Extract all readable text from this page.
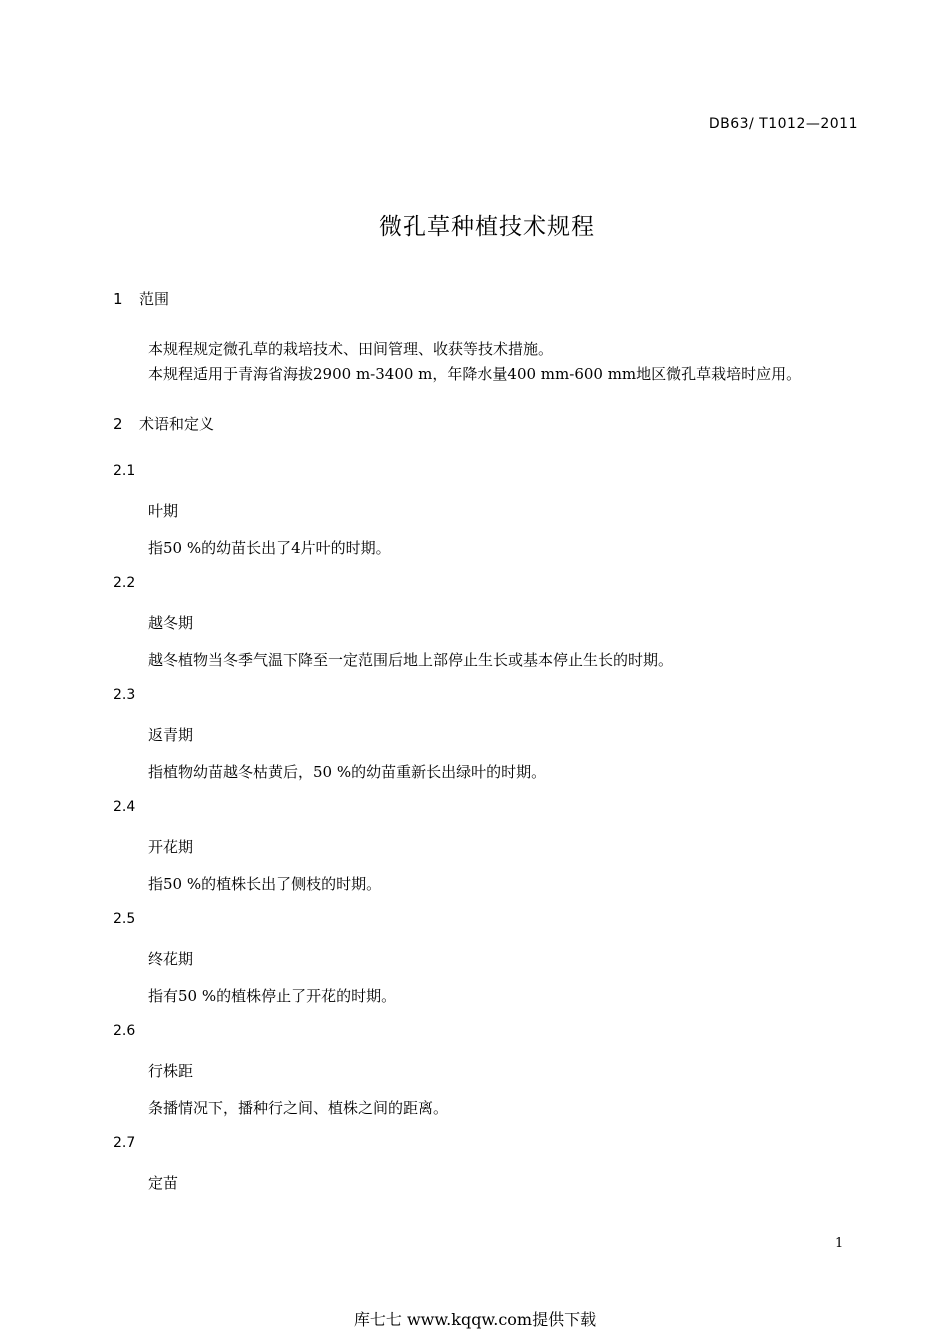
DB63/ T1012—2011
微孔草种植技术规程
1 范围
本规程规定微孔草的栽培技术、田间管理、收获等技术措施。
本规程适用于青海省海拔2900 m-3400 m，年降水量400 mm-600 mm地区微孔草栽培时应用。
2 术语和定义
2.1
叶期
指50 %的幼苗长出了4片叶的时期。
2.2
越冬期
越冬植物当冬季气温下降至一定范围后地上部停止生长或基本停止生长的时期。
2.3
返青期
指植物幼苗越冬枯黄后，50 %的幼苗重新长出绿叶的时期。
2.4
开花期
指50 %的植株长出了侧枝的时期。
2.5
终花期
指有50 %的植株停止了开花的时期。
2.6
行株距
条播情况下，播种行之间、植株之间的距离。
2.7
定苗
1
库七七 www.kqqw.com提供下载
